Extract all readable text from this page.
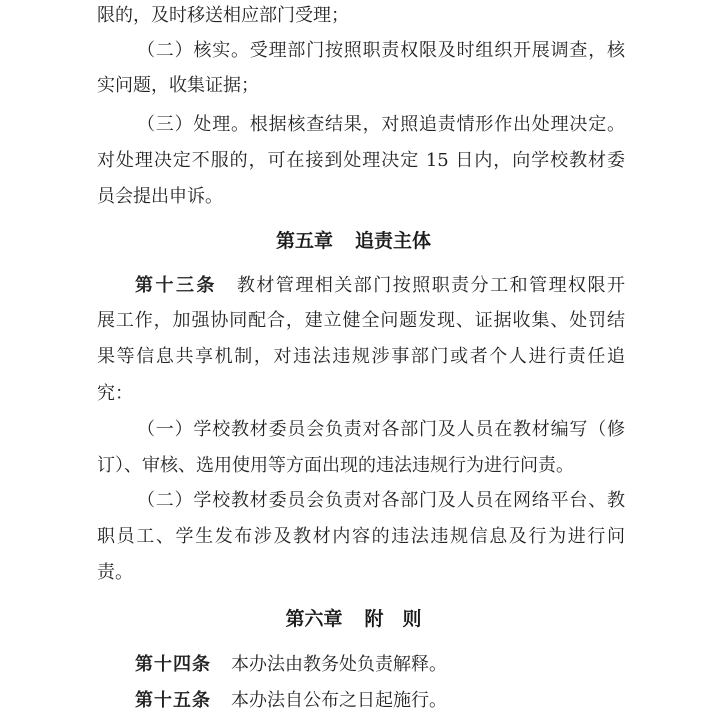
限的，及时移送相应部门受理；
（二）核实。受理部门按照职责权限及时组织开展调查，核
实问题，收集证据；
（三）处理。根据核查结果，对照追责情形作出处理决定。
对处理决定不服的，可在接到处理决定 15 日内，向学校教材委
员会提出申诉。
第五章 追责主体
第十三条 教材管理相关部门按照职责分工和管理权限开
展工作，加强协同配合，建立健全问题发现、证据收集、处罚结
果等信息共享机制，对违法违规涉事部门或者个人进行责任追
究：
（一）学校教材委员会负责对各部门及人员在教材编写（修
订）、审核、选用使用等方面出现的违法违规行为进行问责。
（二）学校教材委员会负责对各部门及人员在网络平台、教
职员工、学生发布涉及教材内容的违法违规信息及行为进行问
责。
第六章 附　则
第十四条 本办法由教务处负责解释。
第十五条 本办法自公布之日起施行。
